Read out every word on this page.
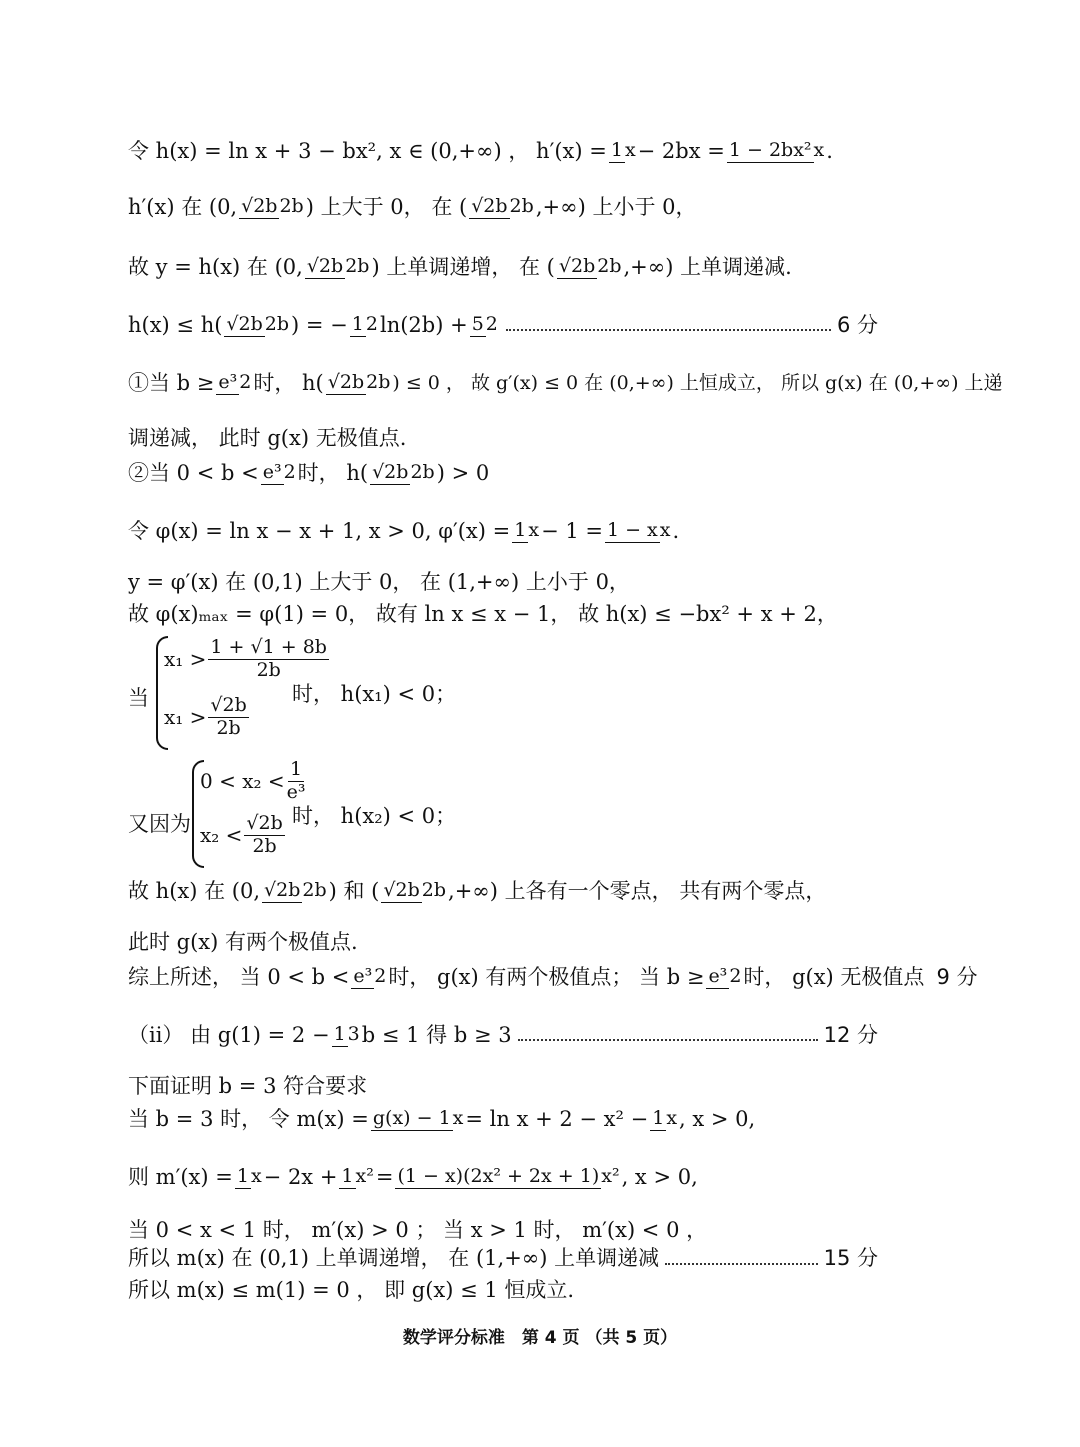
令 h(x) = ln x + 3 − bx², x ∈ (0,+∞) ， h′(x) = 1 x − 2bx = 1 − 2bx² x .
h′(x) 在 (0, √2b 2b ) 上大于 0， 在 ( √2b 2b ,+∞) 上小于 0，
故 y = h(x) 在 (0, √2b 2b ) 上单调递增， 在 ( √2b 2b ,+∞) 上单调递减.
h(x) ≤ h( √2b 2b ) = − 1 2 ln(2b) + 5 2	6 分
①当 b ≥ e³ 2 时， h( √2b 2b ) ≤ 0 ， 故 g′(x) ≤ 0 在 (0,+∞) 上恒成立， 所以 g(x) 在 (0,+∞) 上递
调递减， 此时 g(x) 无极值点.
②当 0 < b < e³ 2 时， h( √2b 2b ) > 0
令 φ(x) = ln x − x + 1, x > 0, φ′(x) = 1 x − 1 = 1 − x x .
y = φ′(x) 在 (0,1) 上大于 0， 在 (1,+∞) 上小于 0，
故 φ(x)ₘₐₓ = φ(1) = 0， 故有 ln x ≤ x − 1， 故 h(x) ≤ −bx² + x + 2，
当
$x_1 > \frac{1 + √1 + 8b}{2b}$
$x_1 > \frac{√2b}{2b}$
时， h(x₁) < 0；
又因为
$0 < x_2 < \frac{1}{\text{e³}}$
$x_2 < \frac{√2b}{2b}$ 时， h(x₂) < 0；
故 h(x) 在 (0, √2b 2b ) 和 ( √2b 2b ,+∞) 上各有一个零点， 共有两个零点，
此时 g(x) 有两个极值点.
综上所述， 当 0 < b < e³ 2 时， g(x) 有两个极值点； 当 b ≥ e³ 2 时， g(x) 无极值点 9 分
（ii） 由 g(1) = 2 − 1 3 b ≤ 1 得 b ≥ 3	12 分
下面证明 b = 3 符合要求
当 b = 3 时， 令 m(x) = g(x) − 1 x = ln x + 2 − x² − 1 x , x > 0,
则 m′(x) = 1 x − 2x + 1 x² = (1 − x)(2x² + 2x + 1) x² , x > 0,
当 0 < x < 1 时， m′(x) > 0 ； 当 x > 1 时， m′(x) < 0 ，
所以 m(x) 在 (0,1) 上单调递增， 在 (1,+∞) 上单调递减	15 分
所以 m(x) ≤ m(1) = 0 ， 即 g(x) ≤ 1 恒成立.
数学评分标准　第 4 页 （共 5 页）
